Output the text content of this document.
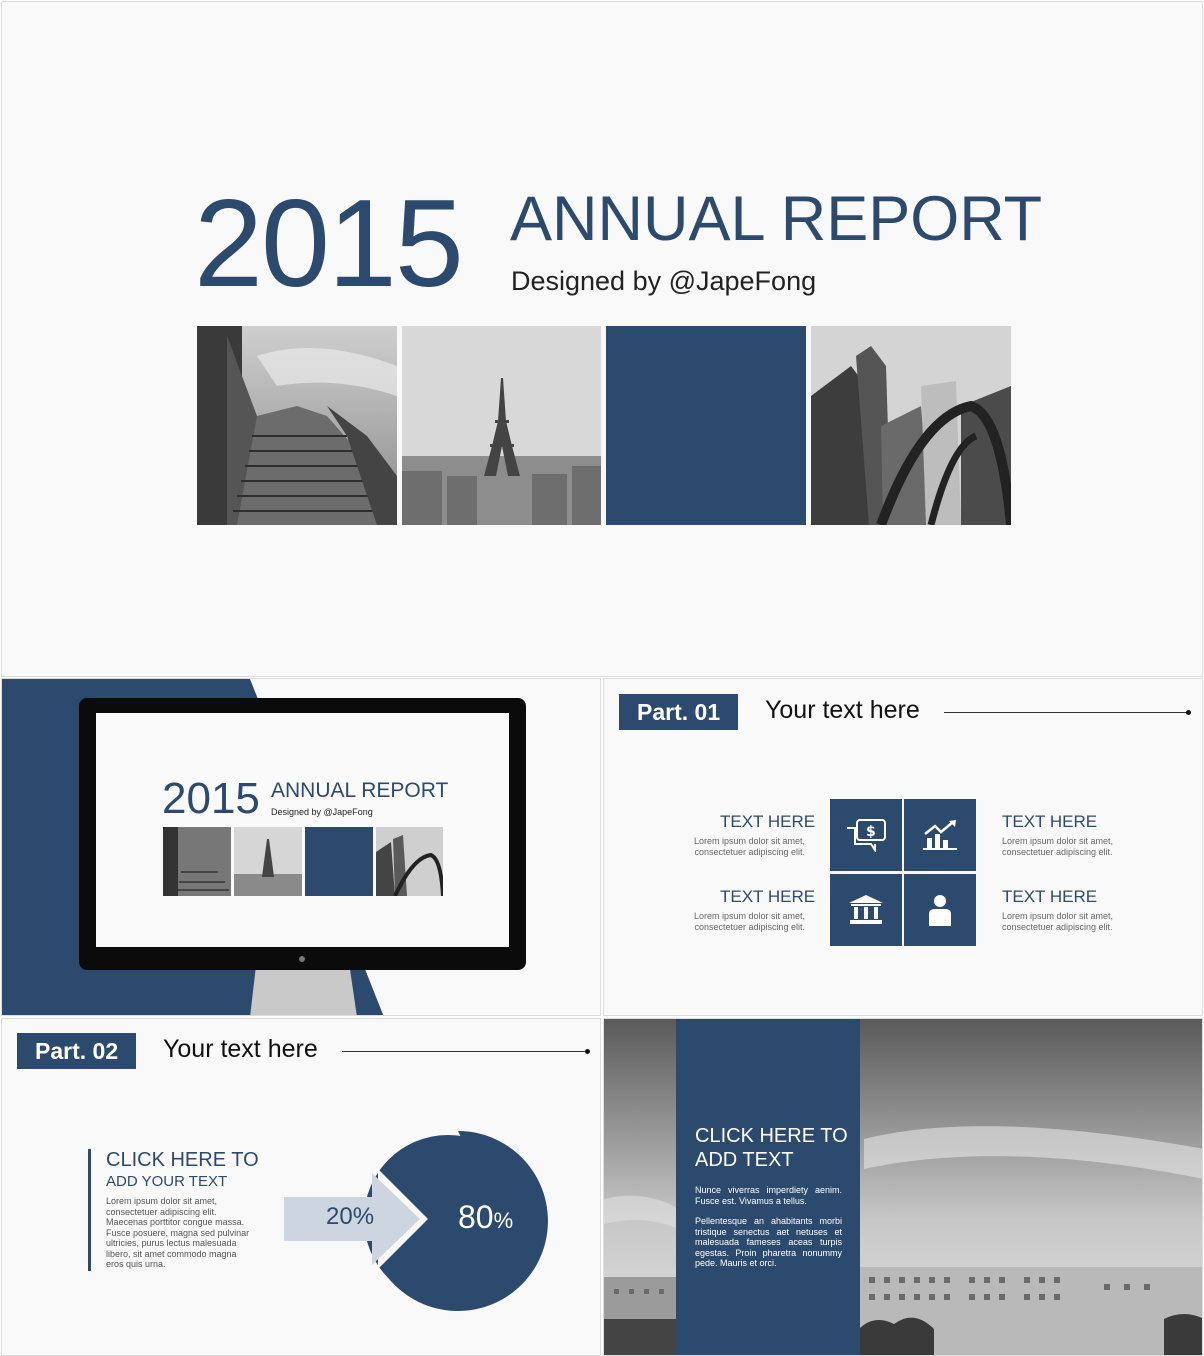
2015 ANNUAL REPORT
Designed by @JapeFong
2015 ANNUAL REPORT
Designed by @JapeFong
Part. 01	Your text here
TEXT HERE
Lorem ipsum dolor sit amet, consectetuer adipiscing elit.
TEXT HERE
Lorem ipsum dolor sit amet, consectetuer adipiscing elit.
TEXT HERE
Lorem ipsum dolor sit amet, consectetuer adipiscing elit.
TEXT HERE
Lorem ipsum dolor sit amet, consectetuer adipiscing elit.
$
Part. 02	Your text here
CLICK HERE TO
ADD YOUR TEXT
Lorem ipsum dolor sit amet, consectetuer adipiscing elit. Maecenas porttitor congue massa. Fusce posuere, magna sed pulvinar ultricies, purus lectus malesuada libero, sit amet commodo magna eros quis urna.
20%	80%
CLICK HERE TO
ADD TEXT
Nunce viverras imperdiety aenim. Fusce est. Vivamus a tellus.
Pellentesque an ahabitants morbi tristique senectus aet netuses et malesuada fameses aceas turpis egestas. Proin pharetra nonummy pede. Mauris et orci.
